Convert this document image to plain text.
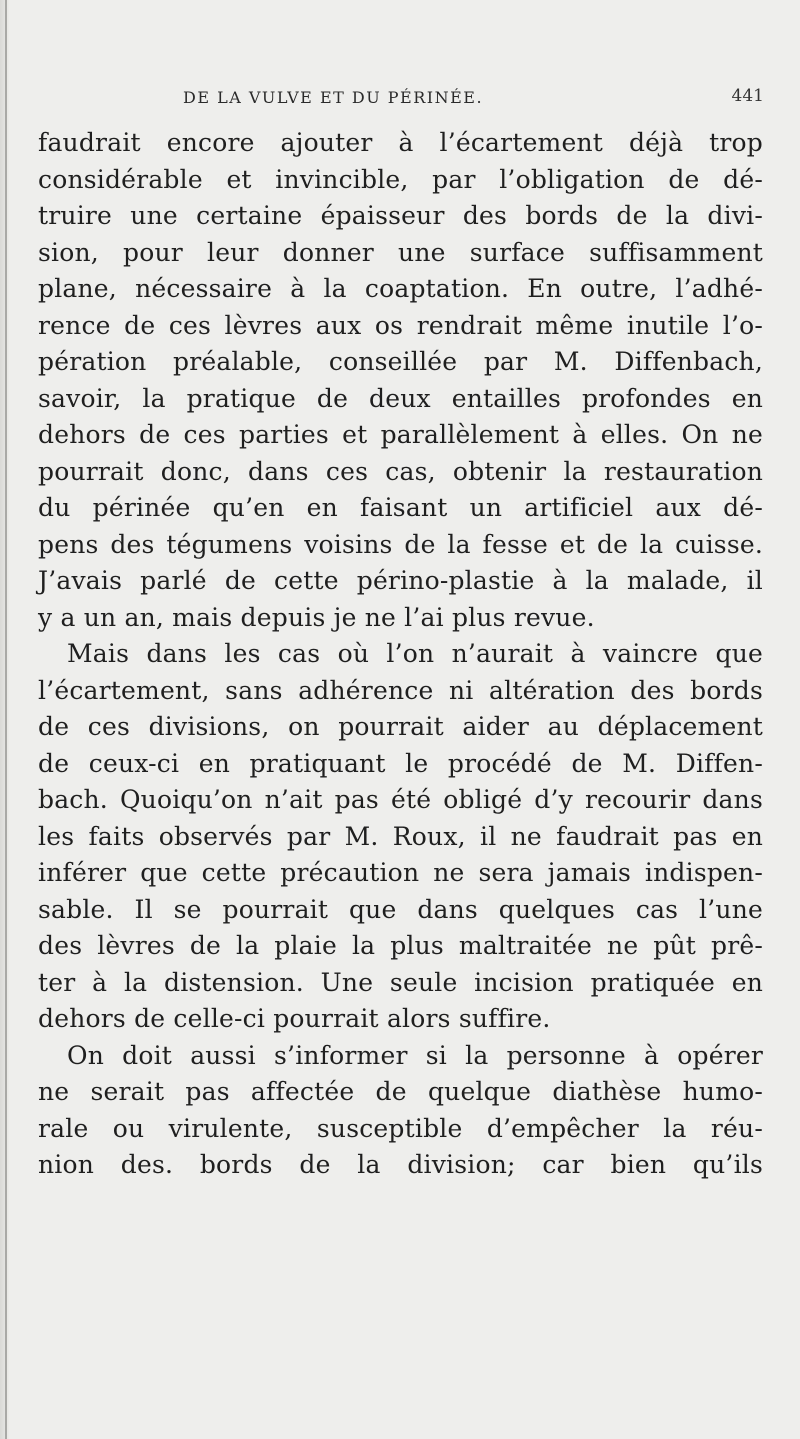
DE LA VULVE ET DU PÉRINÉE.	441
faudrait encore ajouter à l’écartement déjà trop
considérable et invincible, par l’obligation de dé-
truire une certaine épaisseur des bords de la divi-
sion, pour leur donner une surface suffisamment
plane, nécessaire à la coaptation. En outre, l’adhé-
rence de ces lèvres aux os rendrait même inutile l’o-
pération préalable, conseillée par M. Diffenbach,
savoir, la pratique de deux entailles profondes en
dehors de ces parties et parallèlement à elles. On ne
pourrait donc, dans ces cas, obtenir la restauration
du périnée qu’en en faisant un artificiel aux dé-
pens des tégumens voisins de la fesse et de la cuisse.
J’avais parlé de cette périno-plastie à la malade, il
y a un an, mais depuis je ne l’ai plus revue.
Mais dans les cas où l’on n’aurait à vaincre que
l’écartement, sans adhérence ni altération des bords
de ces divisions, on pourrait aider au déplacement
de ceux-ci en pratiquant le procédé de M. Diffen-
bach. Quoiqu’on n’ait pas été obligé d’y recourir dans
les faits observés par M. Roux, il ne faudrait pas en
inférer que cette précaution ne sera jamais indispen-
sable. Il se pourrait que dans quelques cas l’une
des lèvres de la plaie la plus maltraitée ne pût prê-
ter à la distension. Une seule incision pratiquée en
dehors de celle-ci pourrait alors suffire.
On doit aussi s’informer si la personne à opérer
ne serait pas affectée de quelque diathèse humo-
rale ou virulente, susceptible d’empêcher la réu-
nion des. bords de la division; car bien qu’ils
